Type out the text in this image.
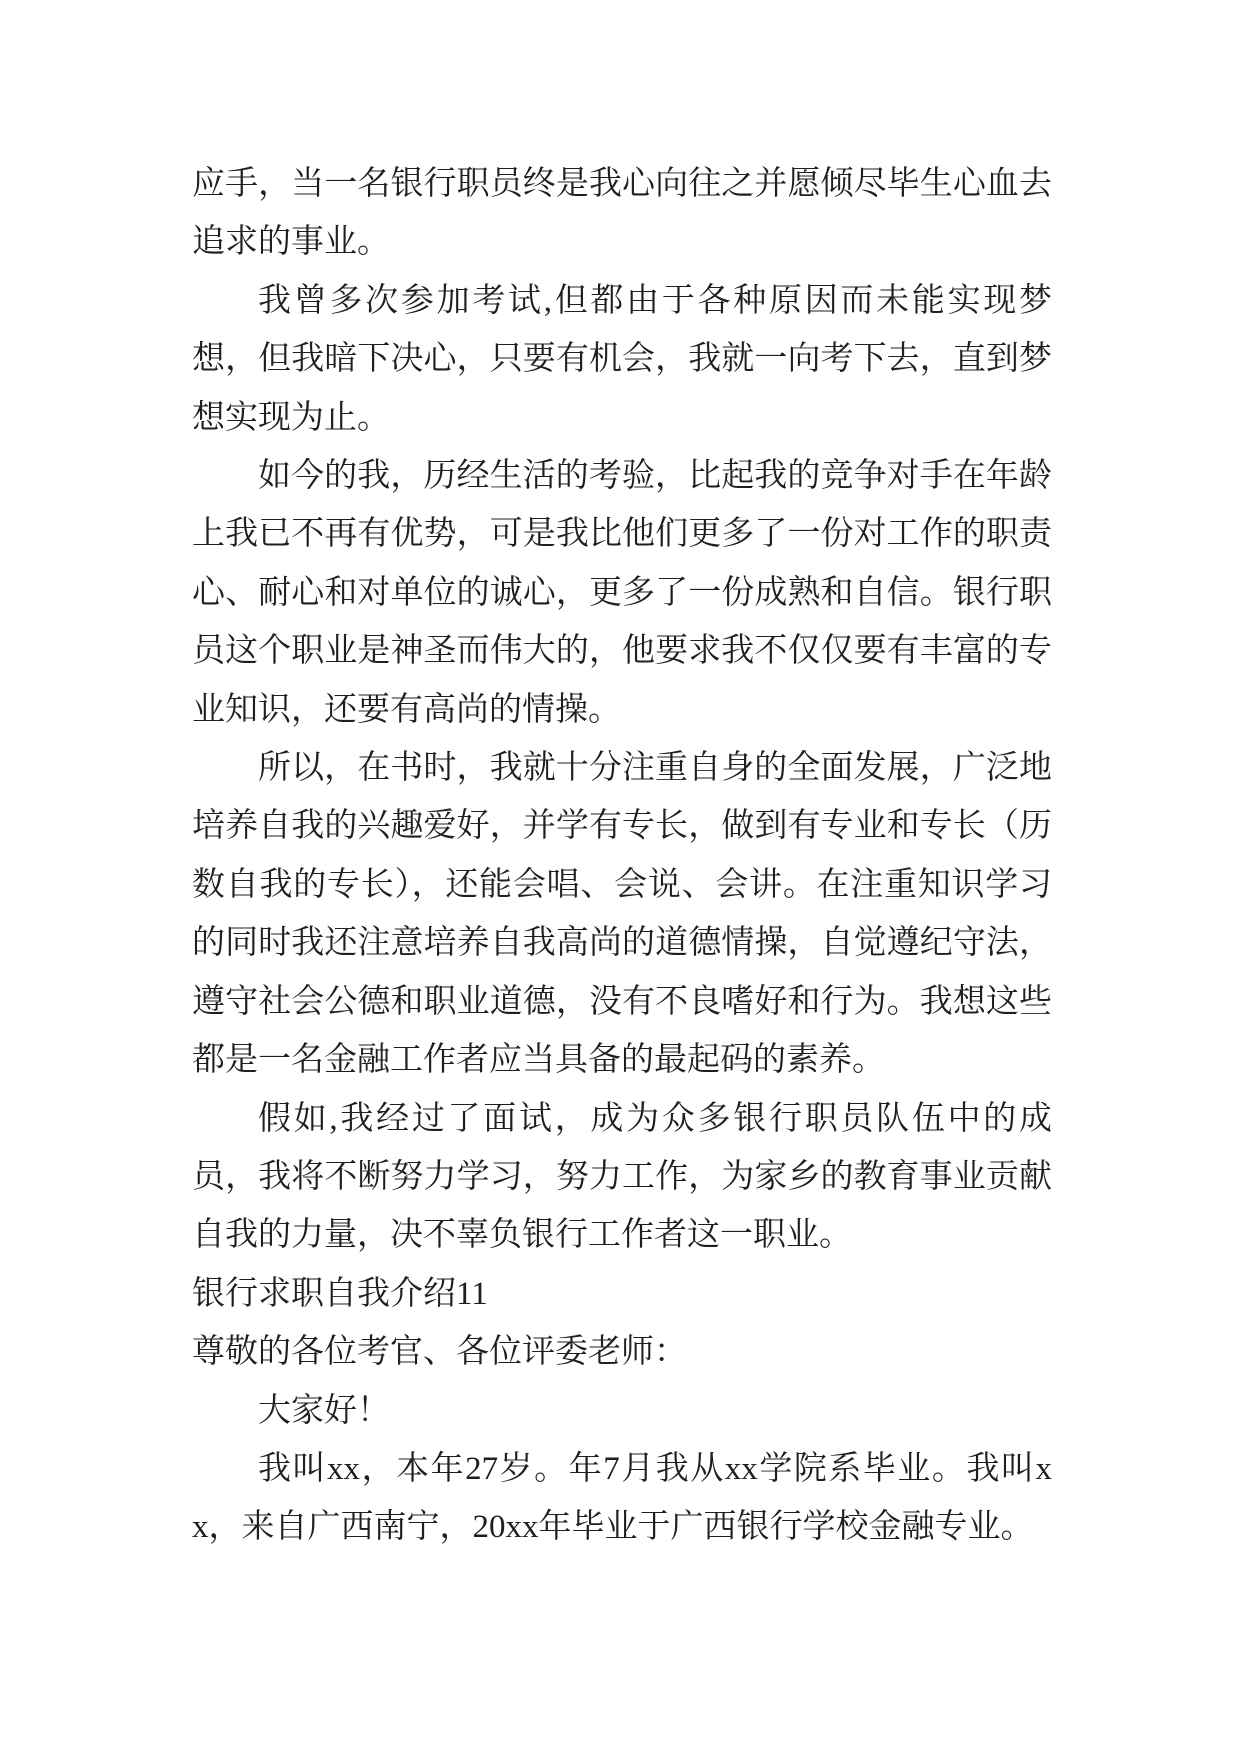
应手，当一名银行职员终是我心向往之并愿倾尽毕生心血去追求的事业。

我曾多次参加考试,但都由于各种原因而未能实现梦想，但我暗下决心，只要有机会，我就一向考下去，直到梦想实现为止。

如今的我，历经生活的考验，比起我的竞争对手在年龄上我已不再有优势，可是我比他们更多了一份对工作的职责心、耐心和对单位的诚心，更多了一份成熟和自信。银行职员这个职业是神圣而伟大的，他要求我不仅仅要有丰富的专业知识，还要有高尚的情操。

所以，在书时，我就十分注重自身的全面发展，广泛地培养自我的兴趣爱好，并学有专长，做到有专业和专长（历数自我的专长），还能会唱、会说、会讲。在注重知识学习的同时我还注意培养自我高尚的道德情操，自觉遵纪守法，遵守社会公德和职业道德，没有不良嗜好和行为。我想这些都是一名金融工作者应当具备的最起码的素养。

假如,我经过了面试，成为众多银行职员队伍中的成员，我将不断努力学习，努力工作，为家乡的教育事业贡献自我的力量，决不辜负银行工作者这一职业。

银行求职自我介绍11

尊敬的各位考官、各位评委老师：

大家好！

我叫xx，本年27岁。年7月我从xx学院系毕业。我叫xx，来自广西南宁，20xx年毕业于广西银行学校金融专业。
